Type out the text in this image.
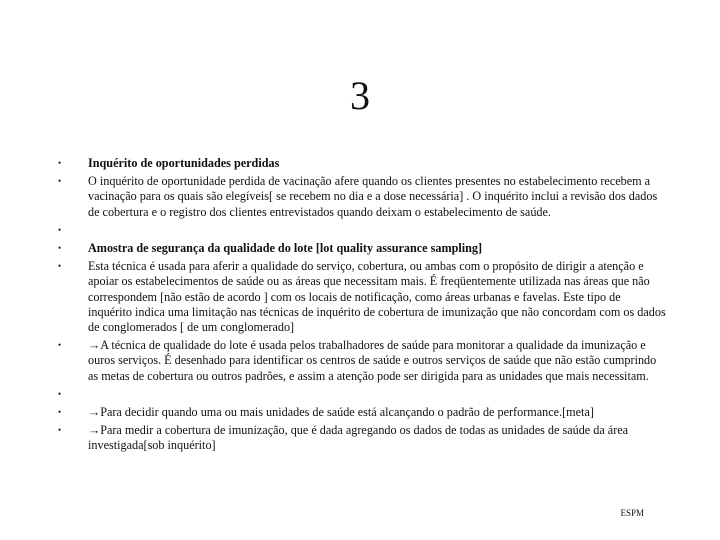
3
• Inquérito de oportunidades perdidas
• O inquérito de oportunidade perdida de vacinação afere quando os clientes presentes no estabelecimento recebem a vacinação para os quais são elegíveis[ se recebem no dia e a dose necessária] . O inquérito inclui a revisão dos dados de cobertura e o registro dos clientes entrevistados quando deixam o estabelecimento de saúde.
•
• Amostra de segurança da qualidade do lote [lot quality assurance sampling]
• Esta técnica é usada para aferir a qualidade do serviço, cobertura, ou ambas com o propósito de dirigir a atenção e apoiar os estabelecimentos de saúde ou as áreas que necessitam mais. É freqüentemente utilizada nas áreas que não correspondem [não estão de acordo ] com os locais de notificação, como áreas urbanas e favelas. Este tipo de inquérito indica uma limitação nas técnicas de inquérito de cobertura de imunização que não concordam com os dados de conglomerados [ de um conglomerado]
• →A técnica de qualidade do lote é usada pelos trabalhadores de saúde para monitorar a qualidade da imunização e ouros serviços. É desenhado para identificar os centros de saúde e outros serviços de saúde que não estão cumprindo as metas de cobertura ou outros padrões, e assim a atenção pode ser dirigida para as unidades que mais necessitam.
•
• →Para decidir quando uma ou mais unidades de saúde está alcançando o padrão de performance.[meta]
• →Para medir a cobertura de imunização, que é dada agregando os dados de todas as unidades de saúde da área investigada[sob inquérito]
ESPM
